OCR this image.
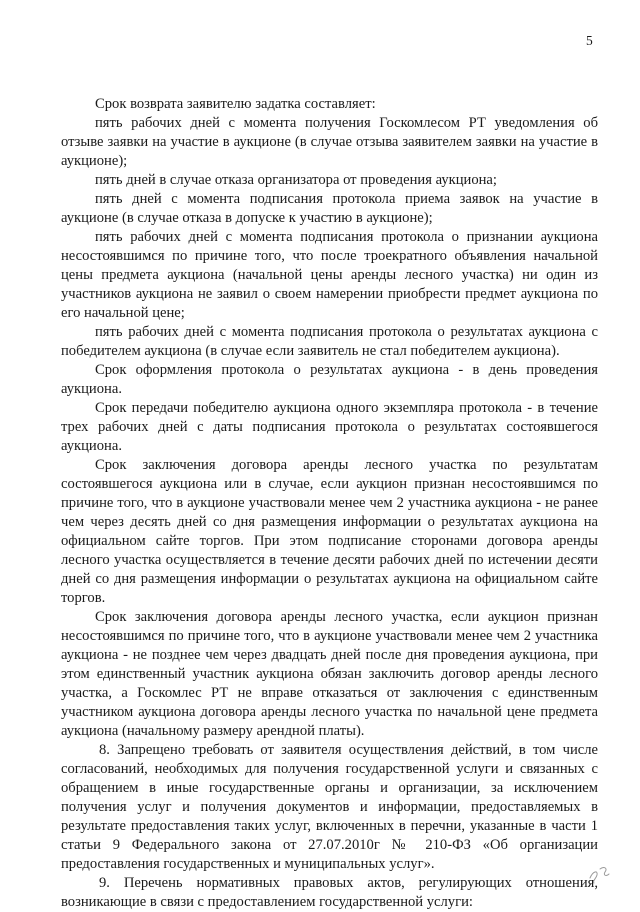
5

Срок возврата заявителю задатка составляет:

пять рабочих дней с момента получения Госкомлесом РТ уведомления об отзыве заявки на участие в аукционе (в случае отзыва заявителем заявки на участие в аукционе);

пять дней в случае отказа организатора от проведения аукциона;

пять дней с момента подписания протокола приема заявок на участие в аукционе (в случае отказа в допуске к участию в аукционе);

пять рабочих дней с момента подписания протокола о признании аукциона несостоявшимся по причине того, что после троекратного объявления начальной цены предмета аукциона (начальной цены аренды лесного участка) ни один из участников аукциона не заявил о своем намерении приобрести предмет аукциона по его начальной цене;

пять рабочих дней с момента подписания протокола о результатах аукциона с победителем аукциона (в случае если заявитель не стал победителем аукциона).

Срок оформления протокола о результатах аукциона - в день проведения аукциона.

Срок передачи победителю аукциона одного экземпляра протокола - в течение трех рабочих дней с даты подписания протокола о результатах состоявшегося аукциона.

Срок заключения договора аренды лесного участка по результатам состоявшегося аукциона или в случае, если аукцион признан несостоявшимся по причине того, что в аукционе участвовали менее чем 2 участника аукциона - не ранее чем через десять дней со дня размещения информации о результатах аукциона на официальном сайте торгов. При этом подписание сторонами договора аренды лесного участка осуществляется в течение десяти рабочих дней по истечении десяти дней со дня размещения информации о результатах аукциона на официальном сайте торгов.

Срок заключения договора аренды лесного участка, если аукцион признан несостоявшимся по причине того, что в аукционе участвовали менее чем 2 участника аукциона - не позднее чем через двадцать дней после дня проведения аукциона, при этом единственный участник аукциона обязан заключить договор аренды лесного участка, а Госкомлес РТ не вправе отказаться от заключения с единственным участником аукциона договора аренды лесного участка по начальной цене предмета аукциона (начальному размеру арендной платы).

8. Запрещено требовать от заявителя осуществления действий, в том числе согласований, необходимых для получения государственной услуги и связанных с обращением в иные государственные органы и организации, за исключением получения услуг и получения документов и информации, предоставляемых в результате предоставления таких услуг, включенных в перечни, указанные в части 1 статьи 9 Федерального закона от 27.07.2010г № 210-ФЗ «Об организации предоставления государственных и муниципальных услуг».

9. Перечень нормативных правовых актов, регулирующих отношения, возникающие в связи с предоставлением государственной услуги:
